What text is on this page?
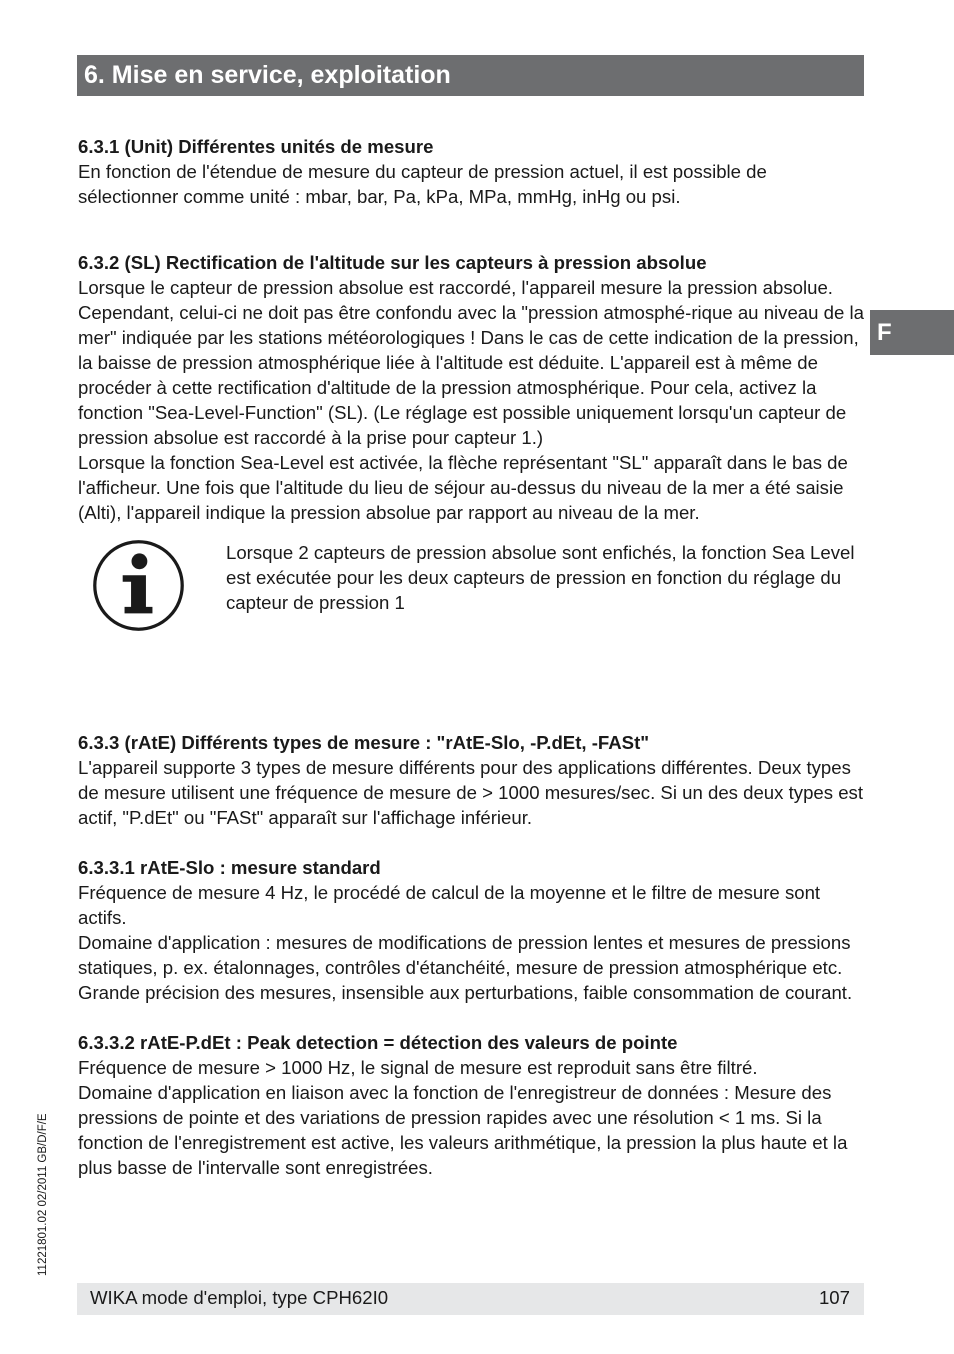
6. Mise en service, exploitation
F
6.3.1 (Unit) Différentes unités de mesure

En fonction de l'étendue de mesure du capteur de pression actuel, il est possible de sélectionner comme unité : mbar, bar, Pa, kPa, MPa, mmHg, inHg ou psi.

6.3.2 (SL) Rectification de l'altitude sur les capteurs à pression absolue

Lorsque le capteur de pression absolue est raccordé, l'appareil mesure la pression absolue. Cependant, celui-ci ne doit pas être confondu avec la "pression atmosphé-rique au niveau de la mer" indiquée par les stations météorologiques ! Dans le cas de cette indication de la pression, la baisse de pression atmosphérique liée à l'altitude est déduite. L'appareil est à même de procéder à cette rectification d'altitude de la pression atmosphérique. Pour cela, activez la fonction "Sea-Level-Function" (SL). (Le réglage est possible uniquement lorsqu'un capteur de pression absolue est raccordé à la prise pour capteur 1.)

Lorsque la fonction Sea-Level est activée, la flèche représentant "SL" apparaît dans le bas de l'afficheur. Une fois que l'altitude du lieu de séjour au-dessus du niveau de la mer a été saisie (Alti), l'appareil indique la pression absolue par rapport au niveau de la mer.

Lorsque 2 capteurs de pression absolue sont enfichés, la fonction Sea Level est exécutée pour les deux capteurs de pression en fonction du réglage du capteur de pression 1

6.3.3 (rAtE) Différents types de mesure : "rAtE-Slo, -P.dEt, -FASt"

L'appareil supporte 3 types de mesure différents pour des applications différentes. Deux types de mesure utilisent une fréquence de mesure de > 1000 mesures/sec. Si un des deux types est actif, "P.dEt" ou "FASt" apparaît sur l'affichage inférieur.

6.3.3.1 rAtE-Slo : mesure standard

Fréquence de mesure 4 Hz, le procédé de calcul de la moyenne et le filtre de mesure sont actifs.

Domaine d'application : mesures de modifications de pression lentes et mesures de pressions statiques, p. ex. étalonnages, contrôles d'étanchéité, mesure de pression atmosphérique etc. Grande précision des mesures, insensible aux perturbations, faible consommation de courant.

6.3.3.2 rAtE-P.dEt : Peak detection = détection des valeurs de pointe

Fréquence de mesure > 1000 Hz, le signal de mesure est reproduit sans être filtré.

Domaine d'application en liaison avec la fonction de l'enregistreur de données : Mesure des pressions de pointe et des variations de pression rapides avec une résolution < 1 ms. Si la fonction de l'enregistrement est active, les valeurs arithmétique, la pression la plus haute et la plus basse de l'intervalle sont enregistrées.

11221801.02 02/2011 GB/D/F/E
WIKA mode d'emploi, type CPH62I0	107
